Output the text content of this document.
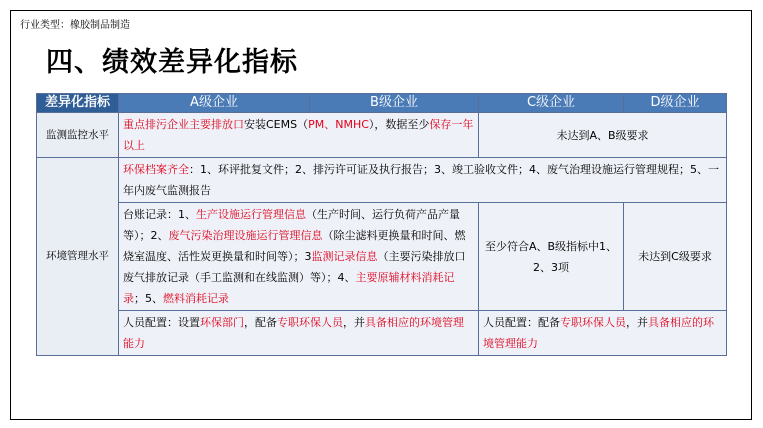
行业类型：橡胶制品制造
四、绩效差异化指标
差异化指标	A级企业	B级企业	C级企业	D级企业
监测监控水平	重点排污企业主要排放口安装CEMS（PM、NMHC），数据至少保存一年以上		未达到A、B级要求	
环境管理水平	环保档案齐全：1、环评批复文件；2、排污许可证及执行报告；3、竣工验收文件；4、废气治理设施运行管理规程；5、一年内废气监测报告			
	台账记录：1、生产设施运行管理信息（生产时间、运行负荷产品产量等）；2、废气污染治理设施运行管理信息（除尘滤料更换量和时间、燃烧室温度、活性炭更换量和时间等）；3监测记录信息（主要污染排放口废气排放记录（手工监测和在线监测）等）；4、主要原辅材料消耗记录；5、燃料消耗记录		至少符合A、B级指标中1、2、3项	未达到C级要求
	人员配置：设置环保部门，配备专职环保人员，并具备相应的环境管理能力		人员配置：配备专职环保人员，并具备相应的环境管理能力	
